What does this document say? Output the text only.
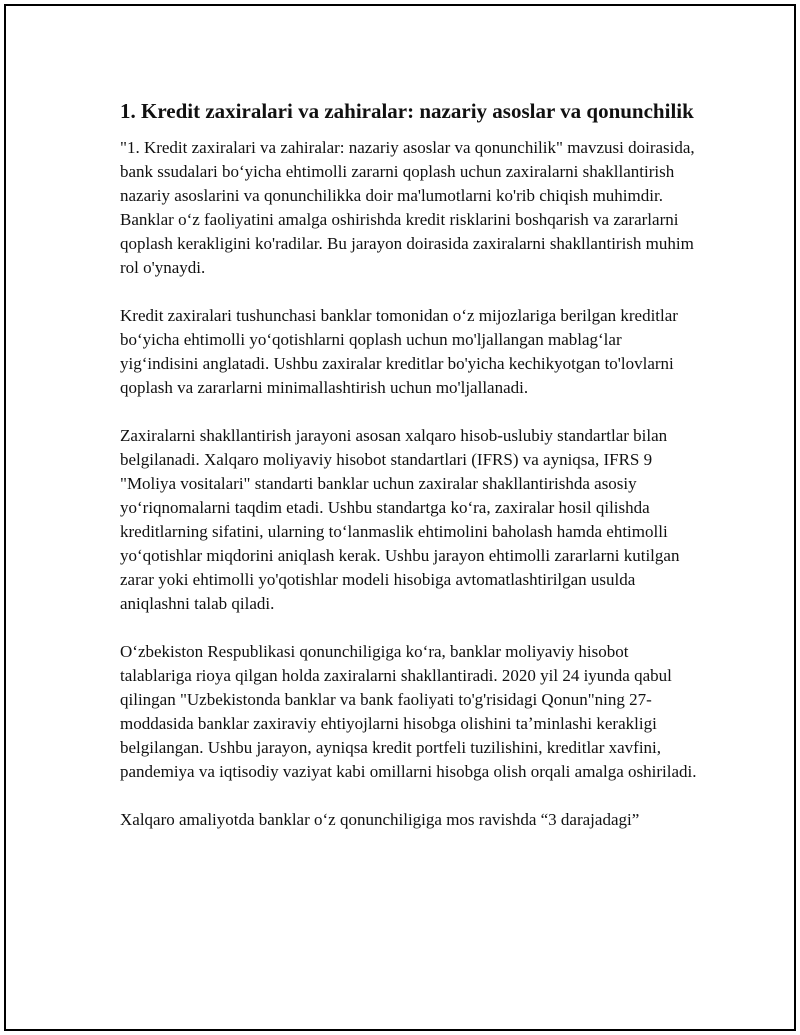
1. Kredit zaxiralari va zahiralar: nazariy asoslar va qonunchilik

"1. Kredit zaxiralari va zahiralar: nazariy asoslar va qonunchilik" mavzusi doirasida, bank ssudalari boʻyicha ehtimolli zararni qoplash uchun zaxiralarni shakllantirish nazariy asoslarini va qonunchilikka doir ma'lumotlarni ko'rib chiqish muhimdir. Banklar oʻz faoliyatini amalga oshirishda kredit risklarini boshqarish va zararlarni qoplash kerakligini ko'radilar. Bu jarayon doirasida zaxiralarni shakllantirish muhim rol o'ynaydi.

Kredit zaxiralari tushunchasi banklar tomonidan oʻz mijozlariga berilgan kreditlar boʻyicha ehtimolli yoʻqotishlarni qoplash uchun mo'ljallangan mablagʻlar yigʻindisini anglatadi. Ushbu zaxiralar kreditlar bo'yicha kechikyotgan to'lovlarni qoplash va zararlarni minimallashtirish uchun mo'ljallanadi.

Zaxiralarni shakllantirish jarayoni asosan xalqaro hisob-uslubiy standartlar bilan belgilanadi. Xalqaro moliyaviy hisobot standartlari (IFRS) va ayniqsa, IFRS 9 "Moliya vositalari" standarti banklar uchun zaxiralar shakllantirishda asosiy yoʻriqnomalarni taqdim etadi. Ushbu standartga koʻra, zaxiralar hosil qilishda kreditlarning sifatini, ularning toʻlanmaslik ehtimolini baholash hamda ehtimolli yoʻqotishlar miqdorini aniqlash kerak. Ushbu jarayon ehtimolli zararlarni kutilgan zarar yoki ehtimolli yo'qotishlar modeli hisobiga avtomatlashtirilgan usulda aniqlashni talab qiladi.

Oʻzbekiston Respublikasi qonunchiligiga koʻra, banklar moliyaviy hisobot talablariga rioya qilgan holda zaxiralarni shakllantiradi. 2020 yil 24 iyunda qabul qilingan "Uzbekistonda banklar va bank faoliyati to'g'risidagi Qonun"ning 27-moddasida banklar zaxiraviy ehtiyojlarni hisobga olishini taʼminlashi kerakligi belgilangan. Ushbu jarayon, ayniqsa kredit portfeli tuzilishini, kreditlar xavfini, pandemiya va iqtisodiy vaziyat kabi omillarni hisobga olish orqali amalga oshiriladi.

Xalqaro amaliyotda banklar oʻz qonunchiligiga mos ravishda “3 darajadagi”
